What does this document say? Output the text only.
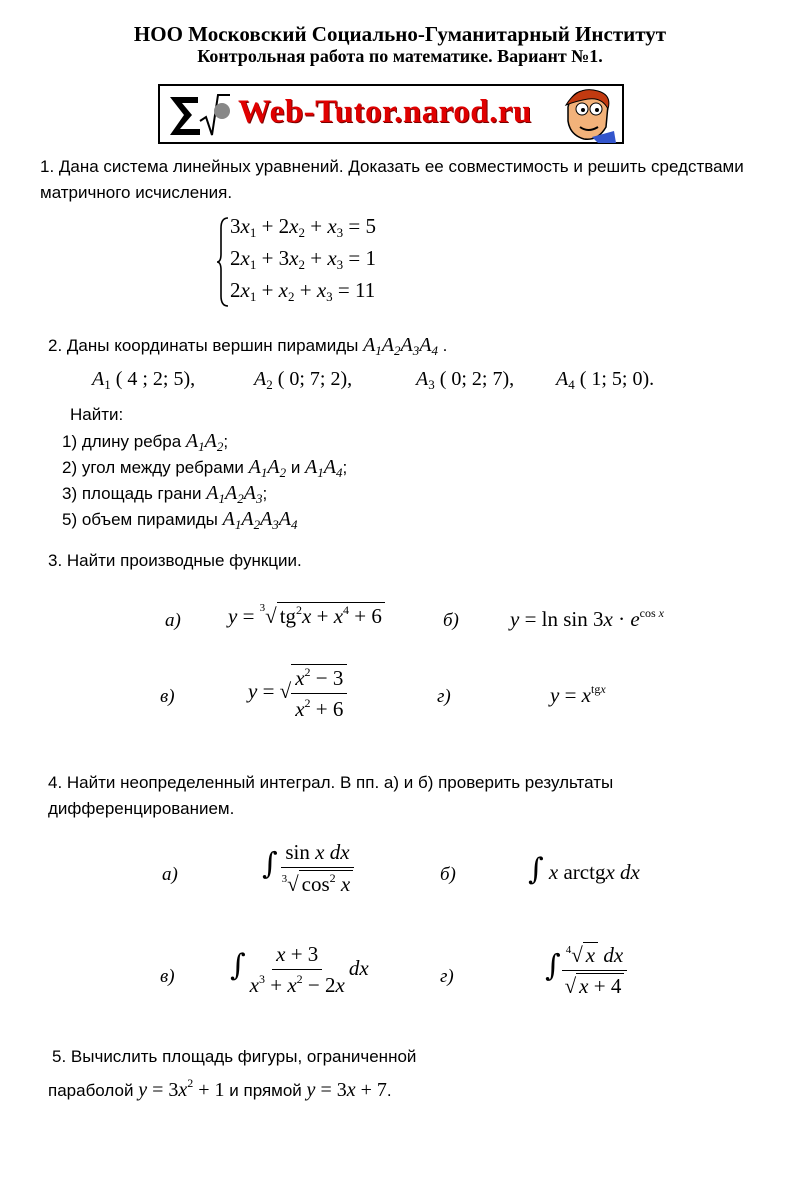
НОО Московский Социально-Гуманитарный Институт
Контрольная работа по математике. Вариант №1.
Web-Tutor.narod.ru
1. Дана система линейных уравнений. Доказать ее совместимость и решить средствами матричного исчисления.
$3x_1 + 2x_2 + x_3 = 5$
$2x_1 + 3x_2 + x_3 = 1$
$2x_1 + x_2 + x_3 = 11$
2. Даны координаты вершин пирамиды $A_1A_2A_3A_4$ .
$A_1$ ( 4 ; 2; 5),	$A_2$ ( 0; 7; 2),	$A_3$ ( 0; 2; 7), $A_4$ ( 1; 5; 0).
Найти:
1) длину ребра $A_1A_2$;
2) угол между ребрами $A_1A_2$ и $A_1A_4$;
3) площадь грани $A_1A_2A_3$;
5) объем пирамиды $A_1A_2A_3A_4$
3. Найти производные функции.
а) y = $^3$√ $tg^2x + x^4 + 6$	б) $y = \ln \sin 3x \cdot e^{cos x}$
в)	y = √ $\frac{x^2 - 3}{x^2 + 6}$	г)	$y = x^{tgx}$
4. Найти неопределенный интеграл. В пп. а) и б) проверить результаты дифференцированием.
а)	∫ $\frac{\text{sin x dx}}{^3√ \cos^2 x}$	б) ∫ x arctgx dx
в) ∫ $\frac{x + 3}{x^3 + x^2 - 2x}$ dx	г)	∫ $\frac{^4√ x dx}{√ x + 4}$
5. Вычислить площадь фигуры, ограниченной
параболой $y = 3x^2 + 1$ и прямой y = 3x + 7.
